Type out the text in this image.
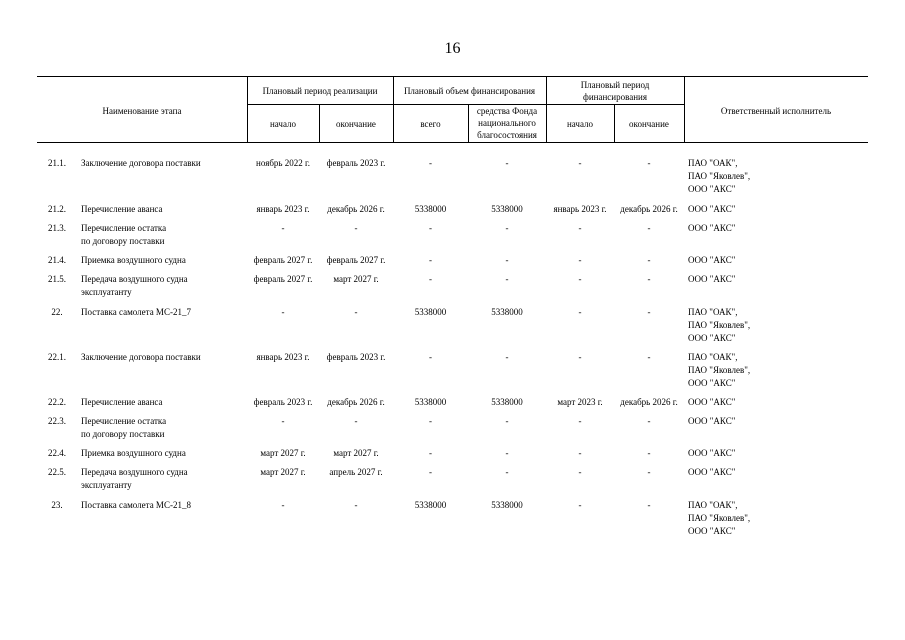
16
Наименование этапа
Плановый период реализации	Плановый объем финансирования
Плановый период финансирования
Ответственный исполнитель
начало	окончание	всего
средства Фонда национального благосостояния
начало	окончание
21.1.	Заключение договора поставки	ноябрь 2022 г.	февраль 2023 г.	-	-	-	-	ПАО "ОАК",
ПАО "Яковлев",
ООО "АКС"
21.2.	Перечисление аванса	январь 2023 г.	декабрь 2026 г.	5338000	5338000	январь 2023 г.	декабрь 2026 г.	ООО "АКС"
21.3.	Перечисление остатка
по договору поставки
-	-	-	-	-	-	ООО "АКС"
21.4.	Приемка воздушного судна	февраль 2027 г.	февраль 2027 г.	-	-	-	-	ООО "АКС"
21.5.	Передача воздушного судна
эксплуатанту
февраль 2027 г.	март 2027 г.	-	-	-	-	ООО "АКС"
22.	Поставка самолета МС-21_7	-	-	5338000	5338000	-	-	ПАО "ОАК",
ПАО "Яковлев",
ООО "АКС"
22.1.	Заключение договора поставки	январь 2023 г.	февраль 2023 г.	-	-	-	-	ПАО "ОАК",
ПАО "Яковлев",
ООО "АКС"
22.2.	Перечисление аванса	февраль 2023 г.	декабрь 2026 г.	5338000	5338000	март 2023 г.	декабрь 2026 г.	ООО "АКС"
22.3.	Перечисление остатка
по договору поставки
-	-	-	-	-	-	ООО "АКС"
22.4.	Приемка воздушного судна	март 2027 г.	март 2027 г.	-	-	-	-	ООО "АКС"
22.5.	Передача воздушного судна
эксплуатанту
март 2027 г.	апрель 2027 г.	-	-	-	-	ООО "АКС"
23.	Поставка самолета МС-21_8	-	-	5338000	5338000	-	-	ПАО "ОАК",
ПАО "Яковлев",
ООО "АКС"
